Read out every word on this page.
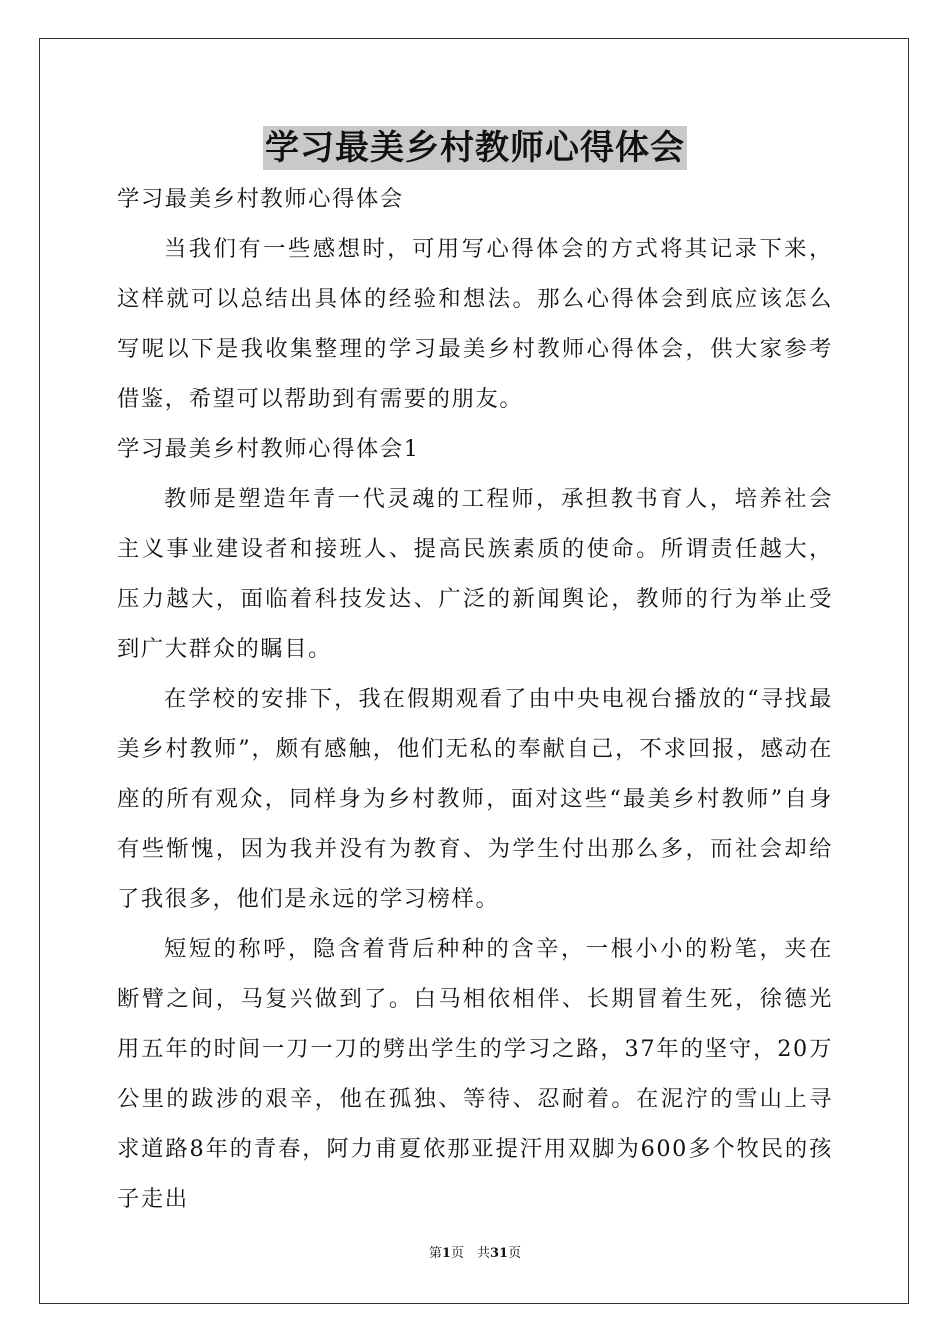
学习最美乡村教师心得体会

学习最美乡村教师心得体会

当我们有一些感想时，可用写心得体会的方式将其记录下来，这样就可以总结出具体的经验和想法。那么心得体会到底应该怎么写呢以下是我收集整理的学习最美乡村教师心得体会，供大家参考借鉴，希望可以帮助到有需要的朋友。

学习最美乡村教师心得体会1

教师是塑造年青一代灵魂的工程师，承担教书育人，培养社会主义事业建设者和接班人、提高民族素质的使命。所谓责任越大，压力越大，面临着科技发达、广泛的新闻舆论，教师的行为举止受到广大群众的瞩目。

在学校的安排下，我在假期观看了由中央电视台播放的“寻找最美乡村教师”，颇有感触，他们无私的奉献自己，不求回报，感动在座的所有观众，同样身为乡村教师，面对这些“最美乡村教师”自身有些惭愧，因为我并没有为教育、为学生付出那么多，而社会却给了我很多，他们是永远的学习榜样。

短短的称呼，隐含着背后种种的含辛，一根小小的粉笔，夹在断臂之间，马复兴做到了。白马相依相伴、长期冒着生死，徐德光用五年的时间一刀一刀的劈出学生的学习之路，37年的坚守，20万公里的跋涉的艰辛，他在孤独、等待、忍耐着。在泥泞的雪山上寻求道路8年的青春，阿力甫夏依那亚提汗用双脚为600多个牧民的孩子走出

第1页　共31页
